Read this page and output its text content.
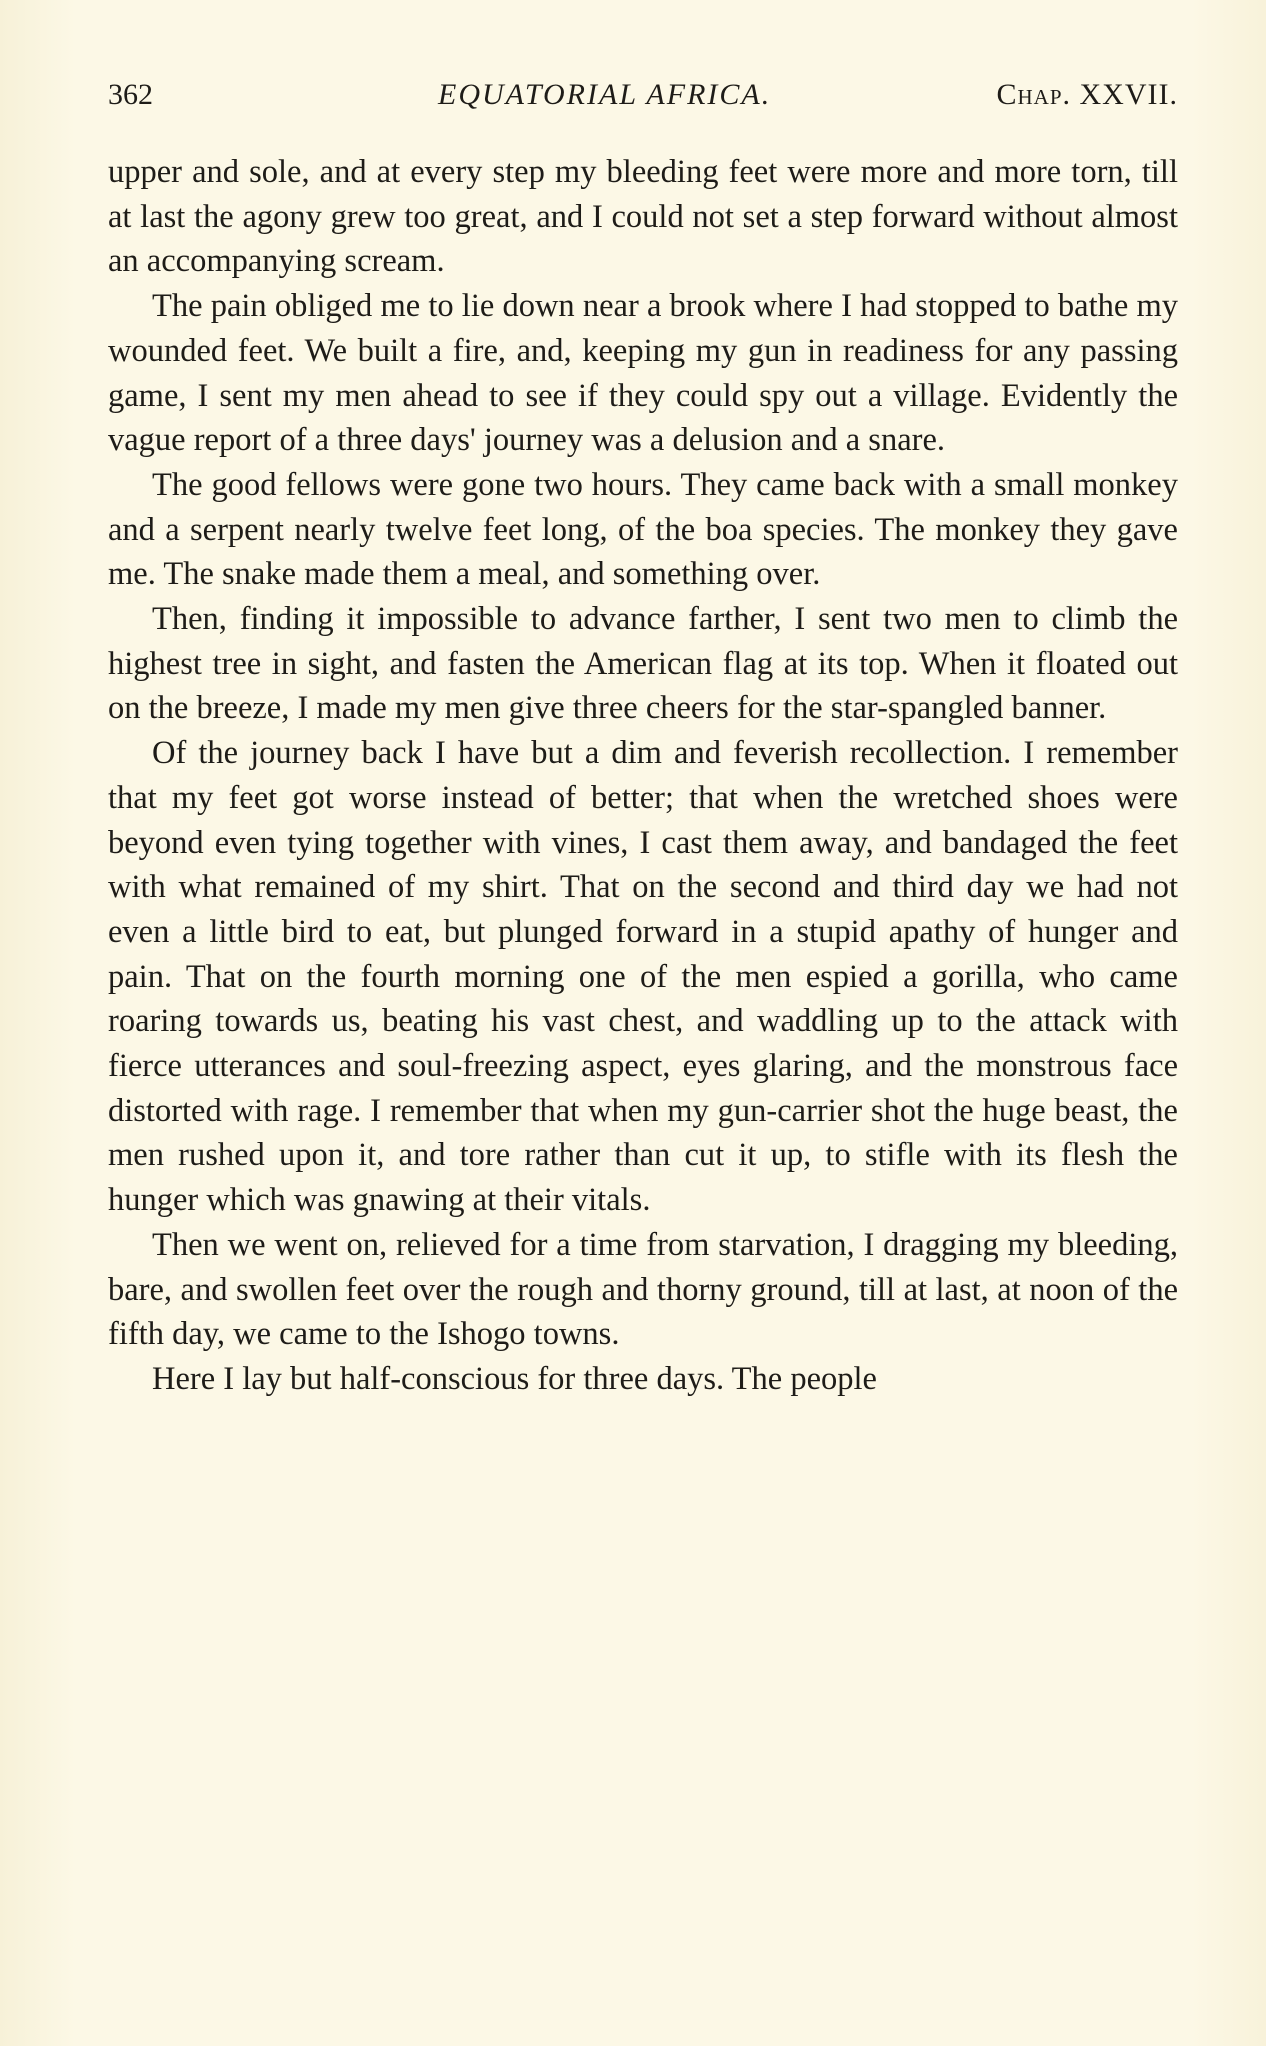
362	EQUATORIAL AFRICA.	Chap. XXVII.

upper and sole, and at every step my bleeding feet were more and more torn, till at last the agony grew too great, and I could not set a step forward without almost an accompanying scream.

The pain obliged me to lie down near a brook where I had stopped to bathe my wounded feet. We built a fire, and, keeping my gun in readiness for any passing game, I sent my men ahead to see if they could spy out a village. Evidently the vague report of a three days' journey was a delusion and a snare.

The good fellows were gone two hours. They came back with a small monkey and a serpent nearly twelve feet long, of the boa species. The monkey they gave me. The snake made them a meal, and something over.

Then, finding it impossible to advance farther, I sent two men to climb the highest tree in sight, and fasten the American flag at its top. When it floated out on the breeze, I made my men give three cheers for the star-spangled banner.

Of the journey back I have but a dim and feverish recollection. I remember that my feet got worse instead of better; that when the wretched shoes were beyond even tying together with vines, I cast them away, and bandaged the feet with what remained of my shirt. That on the second and third day we had not even a little bird to eat, but plunged forward in a stupid apathy of hunger and pain. That on the fourth morning one of the men espied a gorilla, who came roaring towards us, beating his vast chest, and waddling up to the attack with fierce utterances and soul-freezing aspect, eyes glaring, and the monstrous face distorted with rage. I remember that when my gun-carrier shot the huge beast, the men rushed upon it, and tore rather than cut it up, to stifle with its flesh the hunger which was gnawing at their vitals.

Then we went on, relieved for a time from starvation, I dragging my bleeding, bare, and swollen feet over the rough and thorny ground, till at last, at noon of the fifth day, we came to the Ishogo towns.

Here I lay but half-conscious for three days. The people
